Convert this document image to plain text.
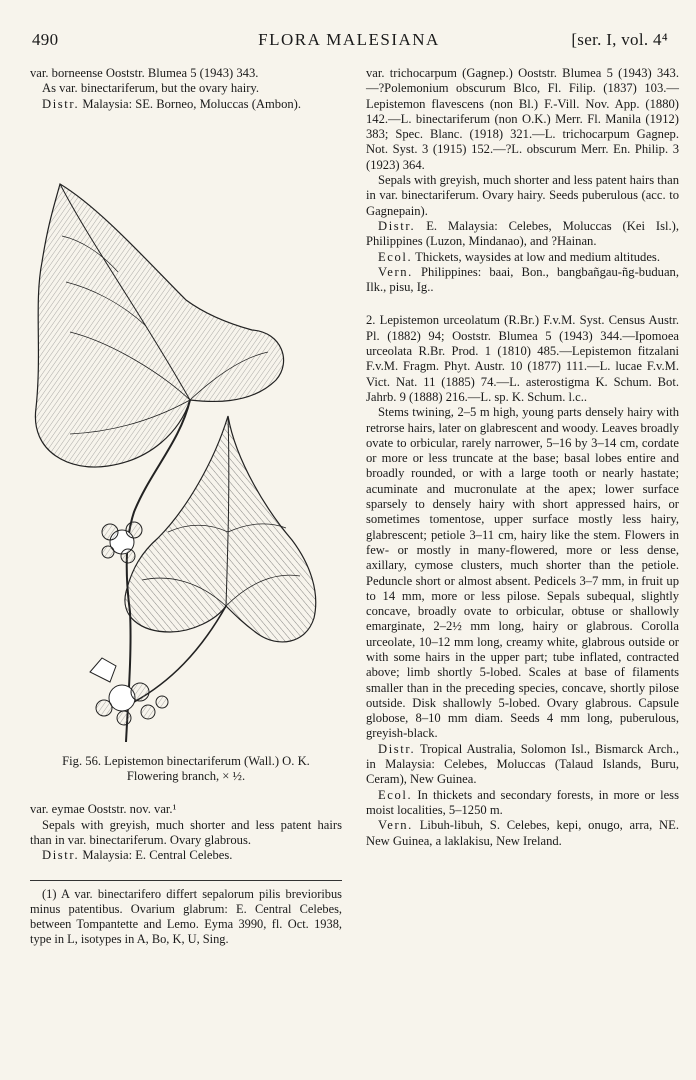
490	FLORA MALESIANA	[ser. I, vol. 4⁴

var. borneense Ooststr. Blumea 5 (1943) 343.

As var. binectariferum, but the ovary hairy.

Distr. Malaysia: SE. Borneo, Moluccas (Ambon).

Fig. 56. Lepistemon binectariferum (Wall.) O. K.

Flowering branch, × ½.

var. eymae Ooststr. nov. var.¹

Sepals with greyish, much shorter and less patent hairs than in var. binectariferum. Ovary glabrous.

Distr. Malaysia: E. Central Celebes.

(1) A var. binectarifero differt sepalorum pilis brevioribus minus patentibus. Ovarium glabrum: E. Central Celebes, between Tompantette and Lemo. Eyma 3990, fl. Oct. 1938, type in L, isotypes in A, Bo, K, U, Sing.

var. trichocarpum (Gagnep.) Ooststr. Blumea 5 (1943) 343.—?Polemonium obscurum Blco, Fl. Filip. (1837) 103.—Lepistemon flavescens (non Bl.) F.-Vill. Nov. App. (1880) 142.—L. binectariferum (non O.K.) Merr. Fl. Manila (1912) 383; Spec. Blanc. (1918) 321.—L. trichocarpum Gagnep. Not. Syst. 3 (1915) 152.—?L. obscurum Merr. En. Philip. 3 (1923) 364.

Sepals with greyish, much shorter and less patent hairs than in var. binectariferum. Ovary hairy. Seeds puberulous (acc. to Gagnepain).

Distr. E. Malaysia: Celebes, Moluccas (Kei Isl.), Philippines (Luzon, Mindanao), and ?Hainan.

Ecol. Thickets, waysides at low and medium altitudes.

Vern. Philippines: baai, Bon., bangbañgau-ñg-buduan, Ilk., pisu, Ig..

2. Lepistemon urceolatum (R.Br.) F.v.M. Syst. Census Austr. Pl. (1882) 94; Ooststr. Blumea 5 (1943) 344.—Ipomoea urceolata R.Br. Prod. 1 (1810) 485.—Lepistemon fitzalani F.v.M. Fragm. Phyt. Austr. 10 (1877) 111.—L. lucae F.v.M. Vict. Nat. 11 (1885) 74.—L. asterostigma K. Schum. Bot. Jahrb. 9 (1888) 216.—L. sp. K. Schum. l.c..

Stems twining, 2–5 m high, young parts densely hairy with retrorse hairs, later on glabrescent and woody. Leaves broadly ovate to orbicular, rarely narrower, 5–16 by 3–14 cm, cordate or more or less truncate at the base; basal lobes entire and broadly rounded, or with a large tooth or nearly hastate; acuminate and mucronulate at the apex; lower surface sparsely to densely hairy with short appressed hairs, or sometimes tomentose, upper surface mostly less hairy, glabrescent; petiole 3–11 cm, hairy like the stem. Flowers in few- or mostly in many-flowered, more or less dense, axillary, cymose clusters, much shorter than the petiole. Peduncle short or almost absent. Pedicels 3–7 mm, in fruit up to 14 mm, more or less pilose. Sepals subequal, slightly concave, broadly ovate to orbicular, obtuse or shallowly emarginate, 2–2½ mm long, hairy or glabrous. Corolla urceolate, 10–12 mm long, creamy white, glabrous outside or with some hairs in the upper part; tube inflated, contracted above; limb shortly 5-lobed. Scales at base of filaments smaller than in the preceding species, concave, shortly pilose outside. Disk shallowly 5-lobed. Ovary glabrous. Capsule globose, 8–10 mm diam. Seeds 4 mm long, puberulous, greyish-black.

Distr. Tropical Australia, Solomon Isl., Bismarck Arch., in Malaysia: Celebes, Moluccas (Talaud Islands, Buru, Ceram), New Guinea.

Ecol. In thickets and secondary forests, in more or less moist localities, 5–1250 m.

Vern. Libuh-libuh, S. Celebes, kepi, onugo, arra, NE. New Guinea, a laklakisu, New Ireland.
